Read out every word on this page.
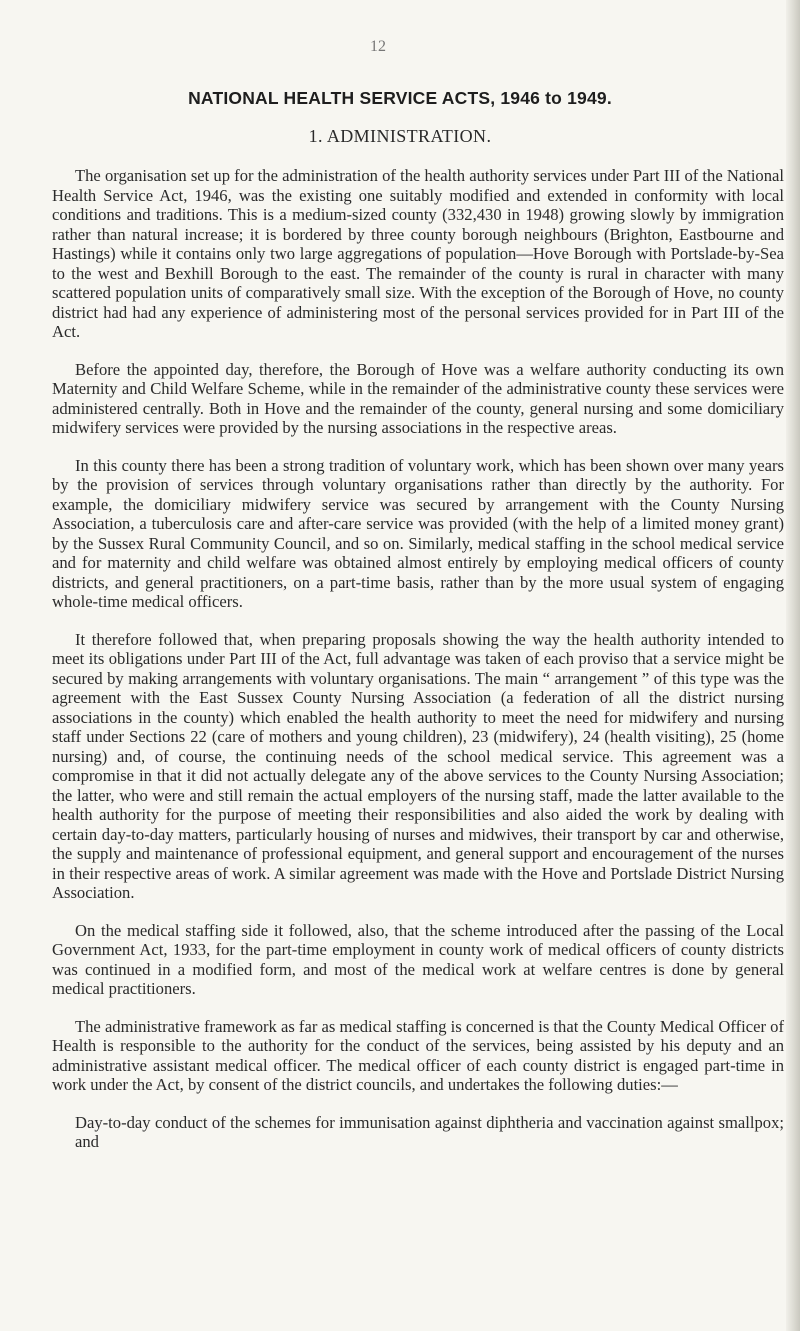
12
NATIONAL HEALTH SERVICE ACTS, 1946 to 1949.
1. ADMINISTRATION.

The organisation set up for the administration of the health authority services under Part III of the National Health Service Act, 1946, was the existing one suitably modified and extended in conformity with local conditions and traditions. This is a medium-sized county (332,430 in 1948) growing slowly by immigration rather than natural increase; it is bordered by three county borough neighbours (Brighton, Eastbourne and Hastings) while it contains only two large aggregations of population—Hove Borough with Portslade-by-Sea to the west and Bexhill Borough to the east. The remainder of the county is rural in character with many scattered population units of comparatively small size. With the exception of the Borough of Hove, no county district had had any experience of administering most of the personal services provided for in Part III of the Act.

Before the appointed day, therefore, the Borough of Hove was a welfare authority conducting its own Maternity and Child Welfare Scheme, while in the remainder of the administrative county these services were administered centrally. Both in Hove and the remainder of the county, general nursing and some domiciliary midwifery services were provided by the nursing associations in the respective areas.

In this county there has been a strong tradition of voluntary work, which has been shown over many years by the provision of services through voluntary organisations rather than directly by the authority. For example, the domiciliary midwifery service was secured by arrangement with the County Nursing Association, a tuberculosis care and after-care service was provided (with the help of a limited money grant) by the Sussex Rural Community Council, and so on. Similarly, medical staffing in the school medical service and for maternity and child welfare was obtained almost entirely by employing medical officers of county districts, and general practitioners, on a part-time basis, rather than by the more usual system of engaging whole-time medical officers.

It therefore followed that, when preparing proposals showing the way the health authority intended to meet its obligations under Part III of the Act, full advantage was taken of each proviso that a service might be secured by making arrangements with voluntary organisations. The main “ arrangement ” of this type was the agreement with the East Sussex County Nursing Association (a federation of all the district nursing associations in the county) which enabled the health authority to meet the need for midwifery and nursing staff under Sections 22 (care of mothers and young children), 23 (midwifery), 24 (health visiting), 25 (home nursing) and, of course, the continuing needs of the school medical service. This agreement was a compromise in that it did not actually delegate any of the above services to the County Nursing Association; the latter, who were and still remain the actual employers of the nursing staff, made the latter available to the health authority for the purpose of meeting their responsibilities and also aided the work by dealing with certain day-to-day matters, particularly housing of nurses and midwives, their transport by car and otherwise, the supply and maintenance of professional equipment, and general support and encouragement of the nurses in their respective areas of work. A similar agreement was made with the Hove and Portslade District Nursing Association.

On the medical staffing side it followed, also, that the scheme introduced after the passing of the Local Government Act, 1933, for the part-time employment in county work of medical officers of county districts was continued in a modified form, and most of the medical work at welfare centres is done by general medical practitioners.

The administrative framework as far as medical staffing is concerned is that the County Medical Officer of Health is responsible to the authority for the conduct of the services, being assisted by his deputy and an administrative assistant medical officer. The medical officer of each county district is engaged part-time in work under the Act, by consent of the district councils, and undertakes the following duties:—

Day-to-day conduct of the schemes for immunisation against diphtheria and vaccination against smallpox; and
